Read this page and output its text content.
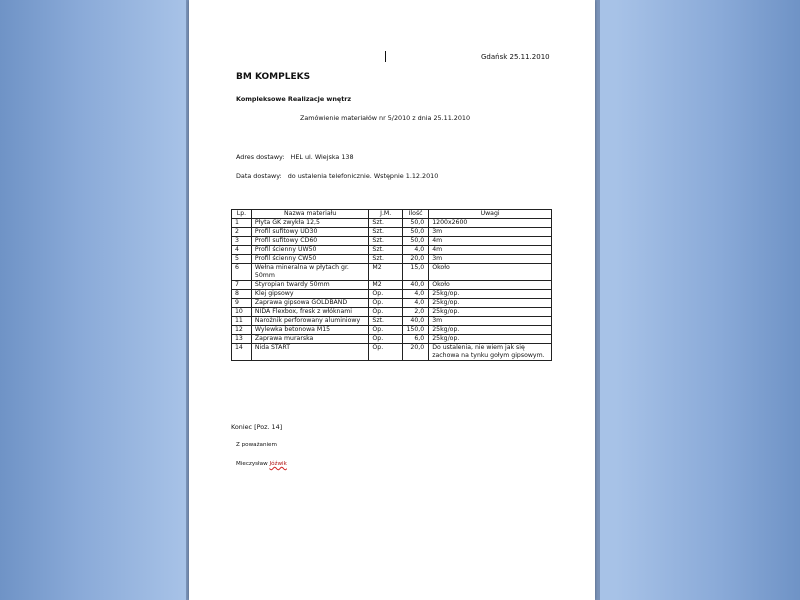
Gdańsk 25.11.2010
BM KOMPLEKS
Kompleksowe Realizacje wnętrz
Zamówienie materiałów nr 5/2010 z dnia 25.11.2010
Adres dostawy: HEL ul. Wiejska 138
Data dostawy: do ustalenia telefonicznie. Wstępnie 1.12.2010
Lp.	Nazwa materiału	J.M.	Ilość	Uwagi
1	Płyta GK zwykła 12,5	Szt.	50,0	1200x2600
2	Profil sufitowy UD30	Szt.	50,0	3m
3	Profil sufitowy CD60	Szt.	50,0	4m
4	Profil ścienny UW50	Szt.	4,0	4m
5	Profil ścienny CW50	Szt.	20,0	3m
6	Wełna mineralna w płytach gr. 50mm	M2	15,0	Około
7	Styropian twardy 50mm	M2	40,0	Około
8	Klej gipsowy	Op.	4,0	25kg/op.
9	Zaprawa gipsowa GOLDBAND	Op.	4,0	25kg/op.
10	NIDA Flexbox, fresk z włóknami	Op.	2,0	25kg/op.
11	Narożnik perforowany aluminiowy	Szt.	40,0	3m
12	Wylewka betonowa M15	Op.	150,0	25kg/op.
13	Zaprawa murarska	Op.	6,0	25kg/op.
14	Nida START	Op.	20,0	Do ustalenia, nie wiem jak się zachowa na tynku gołym gipsowym.
Koniec [Poz. 14]
Z poważaniem
Mieczysław Jóźwik
